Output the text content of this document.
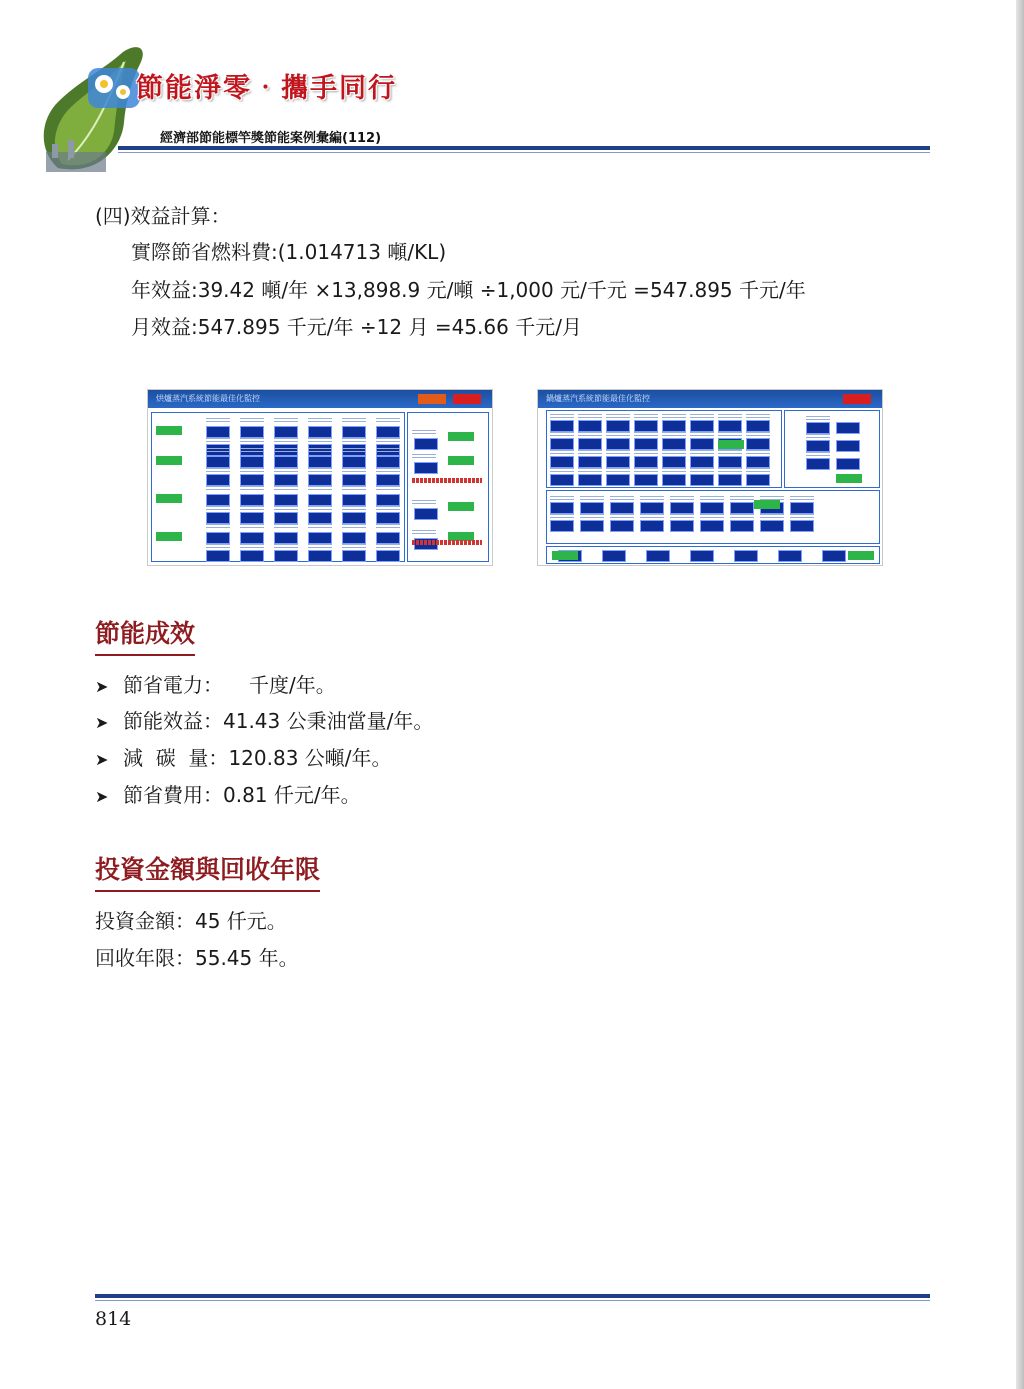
節能淨零‧攜手同行
經濟部節能標竿獎節能案例彙編(112)
(四)效益計算：
實際節省燃料費:(1.014713 噸/KL)
年效益:39.42 噸/年 ×13,898.9 元/噸 ÷1,000 元/千元 =547.895 千元/年
月效益:547.895 千元/年 ÷12 月 =45.66 千元/月
烘爐蒸汽系統節能最佳化監控	鍋爐蒸汽系統節能最佳化監控
節能成效
➤ 節省電力： 千度/年。
➤ 節能效益：41.43 公秉油當量/年。
➤ 減  碳  量：120.83 公噸/年。
➤ 節省費用：0.81 仟元/年。
投資金額與回收年限
投資金額：45 仟元。
回收年限：55.45 年。
814
